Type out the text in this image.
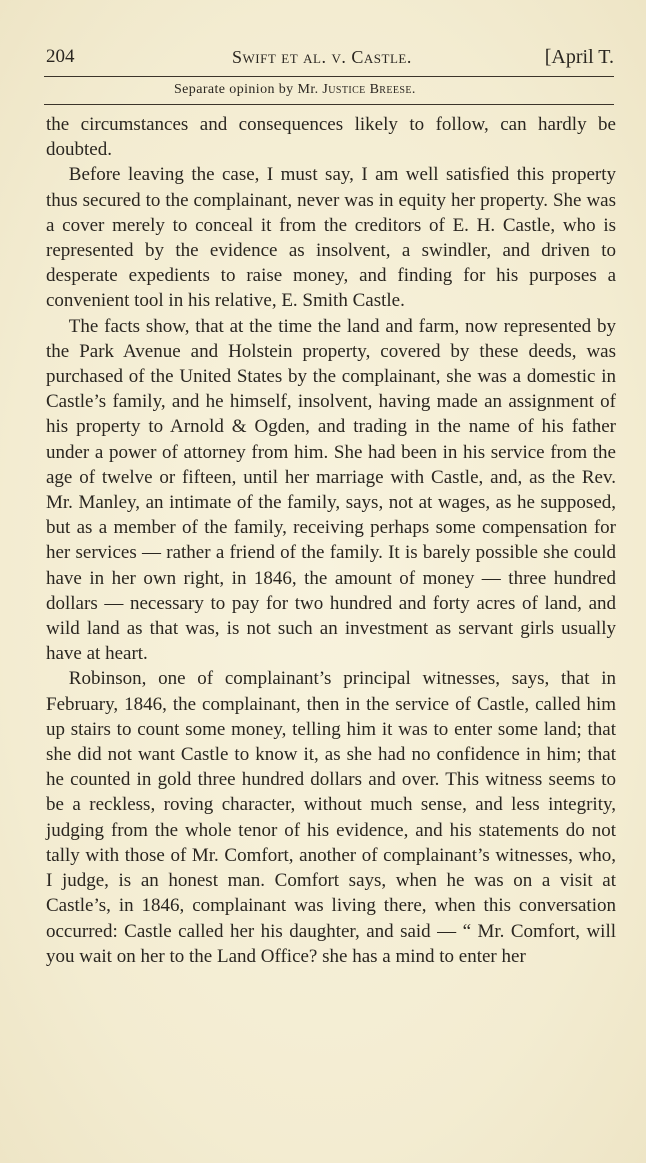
204	Swift et al. v. Castle.	[April T.
Separate opinion by Mr. Justice Breese.

the circumstances and consequences likely to follow, can hardly be doubted.

Before leaving the case, I must say, I am well satisfied this property thus secured to the complainant, never was in equity her property. She was a cover merely to conceal it from the creditors of E. H. Castle, who is represented by the evidence as insolvent, a swindler, and driven to desperate expedients to raise money, and finding for his purposes a convenient tool in his relative, E. Smith Castle.

The facts show, that at the time the land and farm, now represented by the Park Avenue and Holstein property, covered by these deeds, was purchased of the United States by the complainant, she was a domestic in Castle’s family, and he himself, insolvent, having made an assignment of his property to Arnold & Ogden, and trading in the name of his father under a power of attorney from him. She had been in his service from the age of twelve or fifteen, until her marriage with Castle, and, as the Rev. Mr. Manley, an intimate of the family, says, not at wages, as he supposed, but as a member of the family, receiving perhaps some compensation for her services — rather a friend of the family. It is barely possible she could have in her own right, in 1846, the amount of money — three hundred dollars — necessary to pay for two hundred and forty acres of land, and wild land as that was, is not such an investment as servant girls usually have at heart.

Robinson, one of complainant’s principal witnesses, says, that in February, 1846, the complainant, then in the service of Castle, called him up stairs to count some money, telling him it was to enter some land; that she did not want Castle to know it, as she had no confidence in him; that he counted in gold three hundred dollars and over. This witness seems to be a reckless, roving character, without much sense, and less integrity, judging from the whole tenor of his evidence, and his statements do not tally with those of Mr. Comfort, another of complainant’s witnesses, who, I judge, is an honest man. Comfort says, when he was on a visit at Castle’s, in 1846, complainant was living there, when this conversation occurred: Castle called her his daughter, and said — “ Mr. Comfort, will you wait on her to the Land Office? she has a mind to enter her
